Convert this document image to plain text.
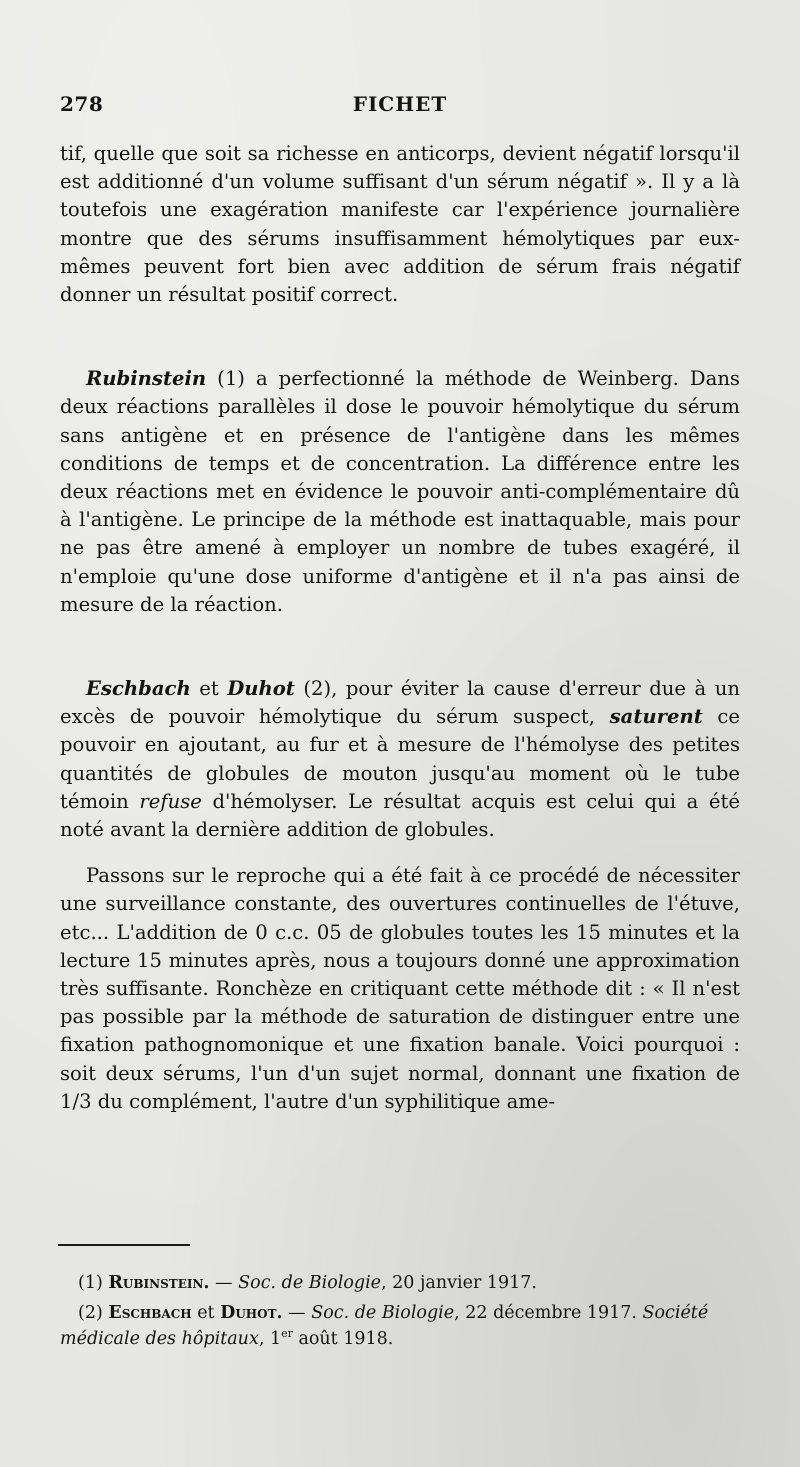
278	FICHET

tif, quelle que soit sa richesse en anticorps, devient négatif lorsqu'il est additionné d'un volume suffisant d'un sérum négatif ». Il y a là toutefois une exagération manifeste car l'expérience journalière montre que des sérums insuffisamment hémolytiques par eux-mêmes peuvent fort bien avec addition de sérum frais négatif donner un résultat positif correct.

Rubinstein (1) a perfectionné la méthode de Weinberg. Dans deux réactions parallèles il dose le pouvoir hémolytique du sérum sans antigène et en présence de l'antigène dans les mêmes conditions de temps et de concentration. La différence entre les deux réactions met en évidence le pouvoir anti-complémentaire dû à l'antigène. Le principe de la méthode est inattaquable, mais pour ne pas être amené à employer un nombre de tubes exagéré, il n'emploie qu'une dose uniforme d'antigène et il n'a pas ainsi de mesure de la réaction.

Eschbach et Duhot (2), pour éviter la cause d'erreur due à un excès de pouvoir hémolytique du sérum suspect, saturent ce pouvoir en ajoutant, au fur et à mesure de l'hémolyse des petites quantités de globules de mouton jusqu'au moment où le tube témoin refuse d'hémolyser. Le résultat acquis est celui qui a été noté avant la dernière addition de globules.

Passons sur le reproche qui a été fait à ce procédé de nécessiter une surveillance constante, des ouvertures continuelles de l'étuve, etc... L'addition de 0 c.c. 05 de globules toutes les 15 minutes et la lecture 15 minutes après, nous a toujours donné une approximation très suffisante. Ronchèze en critiquant cette méthode dit : « Il n'est pas possible par la méthode de saturation de distinguer entre une fixation pathognomonique et une fixation banale. Voici pourquoi : soit deux sérums, l'un d'un sujet normal, donnant une fixation de 1/3 du complément, l'autre d'un syphilitique ame-

(1) Rubinstein. — Soc. de Biologie, 20 janvier 1917.

(2) Eschbach et Duhot. — Soc. de Biologie, 22 décembre 1917. Société médicale des hôpitaux, 1er août 1918.
